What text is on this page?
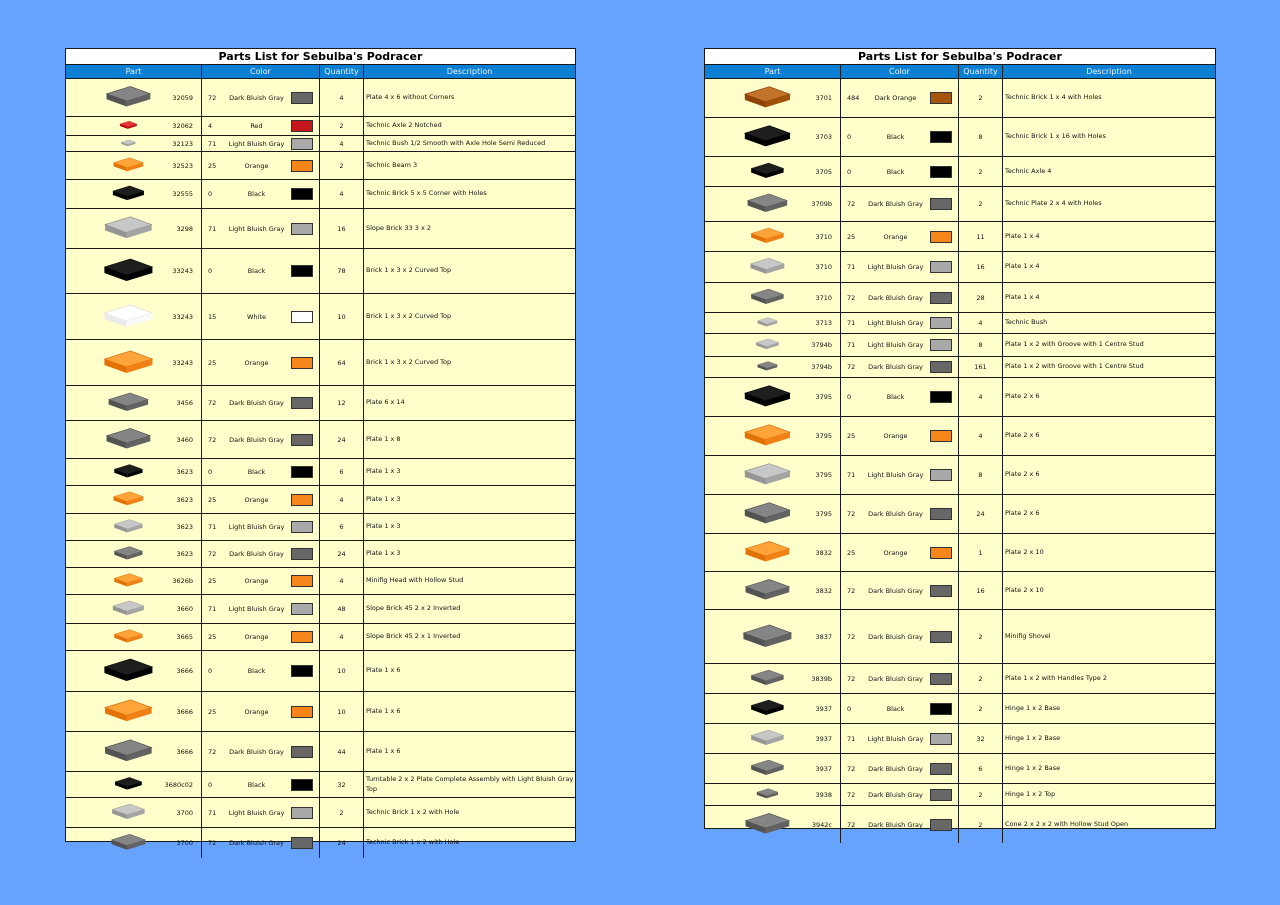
Parts List for Sebulba's Podracer
Part	Color	Quantity	Description
32059 72	Dark Bluish Gray	4	Plate 4 x 6 without Corners
32062 4	Red	2	Technic Axle 2 Notched
32123 71	Light Bluish Gray	4	Technic Bush 1/2 Smooth with Axle Hole Semi Reduced
32523 25	Orange	2	Technic Beam 3
32555 0	Black	4	Technic Brick 5 x 5 Corner with Holes
3298 71	Light Bluish Gray	16	Slope Brick 33 3 x 2
33243 0	Black	78	Brick 1 x 3 x 2 Curved Top
33243 15	White	10	Brick 1 x 3 x 2 Curved Top
33243 25	Orange	64	Brick 1 x 3 x 2 Curved Top
3456 72	Dark Bluish Gray	12	Plate 6 x 14
3460 72	Dark Bluish Gray	24	Plate 1 x 8
3623 0	Black	6	Plate 1 x 3
3623 25	Orange	4	Plate 1 x 3
3623 71	Light Bluish Gray	6	Plate 1 x 3
3623 72	Dark Bluish Gray	24	Plate 1 x 3
3626b 25	Orange	4	Minifig Head with Hollow Stud
3660 71	Light Bluish Gray	48	Slope Brick 45 2 x 2 Inverted
3665 25	Orange	4	Slope Brick 45 2 x 1 Inverted
3666 0	Black	10	Plate 1 x 6
3666 25	Orange	10	Plate 1 x 6
3666 72	Dark Bluish Gray	44	Plate 1 x 6
3680c02 0	Black	32
Turntable 2 x 2 Plate Complete Assembly with Light Bluish Gray Top
3700 71	Light Bluish Gray	2	Technic Brick 1 x 2 with Hole
3700 72	Dark Bluish Gray	24	Technic Brick 1 x 2 with Hole
Parts List for Sebulba's Podracer
Part	Color	Quantity	Description
3701 484	Dark Orange	2	Technic Brick 1 x 4 with Holes
3703 0	Black	8	Technic Brick 1 x 16 with Holes
3705 0	Black	2	Technic Axle 4
3709b 72	Dark Bluish Gray	2	Technic Plate 2 x 4 with Holes
3710 25	Orange	11	Plate 1 x 4
3710 71	Light Bluish Gray	16	Plate 1 x 4
3710 72	Dark Bluish Gray	28	Plate 1 x 4
3713 71	Light Bluish Gray	4	Technic Bush
3794b 71	Light Bluish Gray	8	Plate 1 x 2 with Groove with 1 Centre Stud
3794b 72	Dark Bluish Gray	161	Plate 1 x 2 with Groove with 1 Centre Stud
3795 0	Black	4	Plate 2 x 6
3795 25	Orange	4	Plate 2 x 6
3795 71	Light Bluish Gray	8	Plate 2 x 6
3795 72	Dark Bluish Gray	24	Plate 2 x 6
3832 25	Orange	1	Plate 2 x 10
3832 72	Dark Bluish Gray	16	Plate 2 x 10
3837 72	Dark Bluish Gray	2	Minifig Shovel
3839b 72	Dark Bluish Gray	2	Plate 1 x 2 with Handles Type 2
3937 0	Black	2	Hinge 1 x 2 Base
3937 71	Light Bluish Gray	32	Hinge 1 x 2 Base
3937 72	Dark Bluish Gray	6	Hinge 1 x 2 Base
3938 72	Dark Bluish Gray	2	Hinge 1 x 2 Top
3942c 72	Dark Bluish Gray	2	Cone 2 x 2 x 2 with Hollow Stud Open
